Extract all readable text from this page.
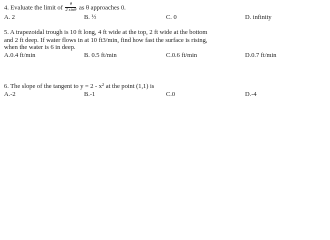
4. Evaluate the limit of $\frac{\theta}{2 \sin\theta}$ as θ approaches 0.
A. 2	B. ½	C. 0	D. infinity
5. A trapezoidal trough is 10 ft long, 4 ft wide at the top, 2 ft wide at the bottom
and 2 ft deep. If water flows in at 10 ft3/min, find how fast the surface is rising,
when the water is 6 in deep.
A.0.4 ft/min	B. 0.5 ft/min	C.0.6 ft/min	D.0.7 ft/min
6. The slope of the tangent to $y = 2 - x^2$ at the point (1,1) is
A.-2	B.-1	C.0	D.-4
